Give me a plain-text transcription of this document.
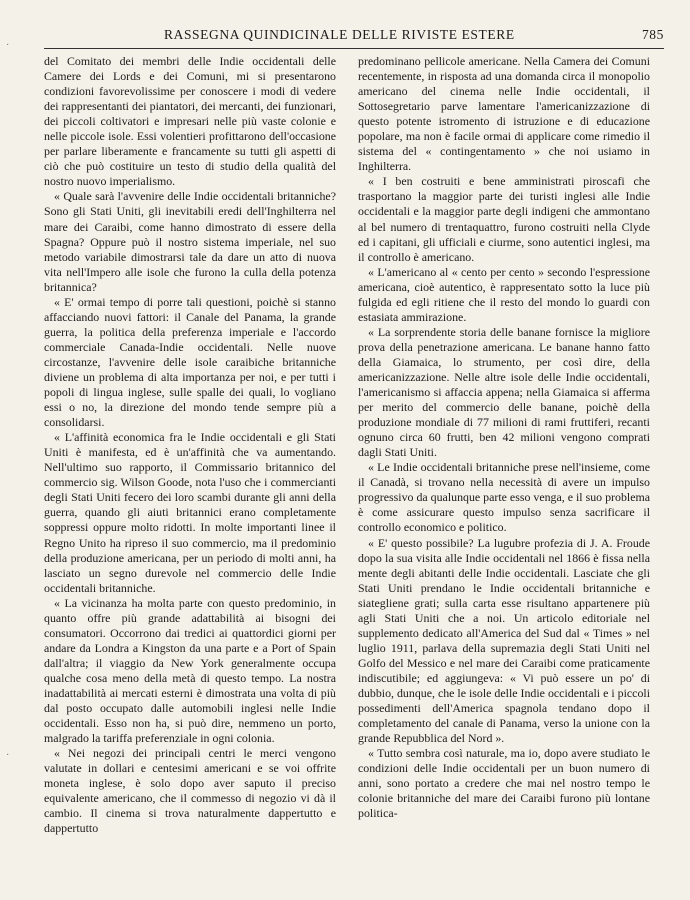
·
·
RASSEGNA QUINDICINALE DELLE RIVISTE ESTERE	785

del Comitato dei membri delle Indie occidentali delle Camere dei Lords e dei Comuni, mi si presentarono condizioni favorevolissime per conoscere i modi di vedere dei rappresentanti dei piantatori, dei mercanti, dei funzionari, dei piccoli coltivatori e impresari nelle più vaste colonie e nelle piccole isole. Essi volentieri profittarono dell'occasione per parlare liberamente e francamente su tutti gli aspetti di ciò che può costituire un testo di studio della qualità del nostro nuovo imperialismo.

« Quale sarà l'avvenire delle Indie occidentali britanniche? Sono gli Stati Uniti, gli inevitabili eredi dell'Inghilterra nel mare dei Caraibi, come hanno dimostrato di essere della Spagna? Oppure può il nostro sistema imperiale, nel suo metodo variabile dimostrarsi tale da dare un atto di nuova vita nell'Impero alle isole che furono la culla della potenza britannica?

« E' ormai tempo di porre tali questioni, poichè si stanno affacciando nuovi fattori: il Canale del Panama, la grande guerra, la politica della preferenza imperiale e l'accordo commerciale Canada-Indie occidentali. Nelle nuove circostanze, l'avvenire delle isole caraibiche britanniche diviene un problema di alta importanza per noi, e per tutti i popoli di lingua inglese, sulle spalle dei quali, lo vogliano essi o no, la direzione del mondo tende sempre più a consolidarsi.

« L'affinità economica fra le Indie occidentali e gli Stati Uniti è manifesta, ed è un'affinità che va aumentando. Nell'ultimo suo rapporto, il Commissario britannico del commercio sig. Wilson Goode, nota l'uso che i commercianti degli Stati Uniti fecero dei loro scambi durante gli anni della guerra, quando gli aiuti britannici erano completamente soppressi oppure molto ridotti. In molte importanti linee il Regno Unito ha ripreso il suo commercio, ma il predominio della produzione americana, per un periodo di molti anni, ha lasciato un segno durevole nel commercio delle Indie occidentali britanniche.

« La vicinanza ha molta parte con questo predominio, in quanto offre più grande adattabilità ai bisogni dei consumatori. Occorrono dai tredici ai quattordici giorni per andare da Londra a Kingston da una parte e a Port of Spain dall'altra; il viaggio da New York generalmente occupa qualche cosa meno della metà di questo tempo. La nostra inadattabilità ai mercati esterni è dimostrata una volta di più dal posto occupato dalle automobili inglesi nelle Indie occidentali. Esso non ha, si può dire, nemmeno un porto, malgrado la tariffa preferenziale in ogni colonia.

« Nei negozi dei principali centri le merci vengono valutate in dollari e centesimi americani e se voi offrite moneta inglese, è solo dopo aver saputo il preciso equivalente americano, che il commesso di negozio vi dà il cambio. Il cinema si trova naturalmente dappertutto e dappertutto

predominano pellicole americane. Nella Camera dei Comuni recentemente, in risposta ad una domanda circa il monopolio americano del cinema nelle Indie occidentali, il Sottosegretario parve lamentare l'americanizzazione di questo potente istromento di istruzione e di educazione popolare, ma non è facile ormai di applicare come rimedio il sistema del « contingentamento » che noi usiamo in Inghilterra.

« I ben costruiti e bene amministrati piroscafi che trasportano la maggior parte dei turisti inglesi alle Indie occidentali e la maggior parte degli indigeni che ammontano al bel numero di trentaquattro, furono costruiti nella Clyde ed i capitani, gli ufficiali e ciurme, sono autentici inglesi, ma il controllo è americano.

« L'americano al « cento per cento » secondo l'espressione americana, cioè autentico, è rappresentato sotto la luce più fulgida ed egli ritiene che il resto del mondo lo guardi con estasiata ammirazione.

« La sorprendente storia delle banane fornisce la migliore prova della penetrazione americana. Le banane hanno fatto della Giamaica, lo strumento, per così dire, della americanizzazione. Nelle altre isole delle Indie occidentali, l'americanismo si affaccia appena; nella Giamaica si afferma per merito del commercio delle banane, poichè della produzione mondiale di 77 milioni di rami fruttiferi, recanti ognuno circa 60 frutti, ben 42 milioni vengono comprati dagli Stati Uniti.

« Le Indie occidentali britanniche prese nell'insieme, come il Canadà, si trovano nella necessità di avere un impulso progressivo da qualunque parte esso venga, e il suo problema è come assicurare questo impulso senza sacrificare il controllo economico e politico.

« E' questo possibile? La lugubre profezia di J. A. Froude dopo la sua visita alle Indie occidentali nel 1866 è fissa nella mente degli abitanti delle Indie occidentali. Lasciate che gli Stati Uniti prendano le Indie occidentali britanniche e siategliene grati; sulla carta esse risultano appartenere più agli Stati Uniti che a noi. Un articolo editoriale nel supplemento dedicato all'America del Sud dal « Times » nel luglio 1911, parlava della supremazia degli Stati Uniti nel Golfo del Messico e nel mare dei Caraibi come praticamente indiscutibile; ed aggiungeva: « Vi può essere un po' di dubbio, dunque, che le isole delle Indie occidentali e i piccoli possedimenti dell'America spagnola tendano dopo il completamento del canale di Panama, verso la unione con la grande Repubblica del Nord ».

« Tutto sembra così naturale, ma io, dopo avere studiato le condizioni delle Indie occidentali per un buon numero di anni, sono portato a credere che mai nel nostro tempo le colonie britanniche del mare dei Caraibi furono più lontane politica-
